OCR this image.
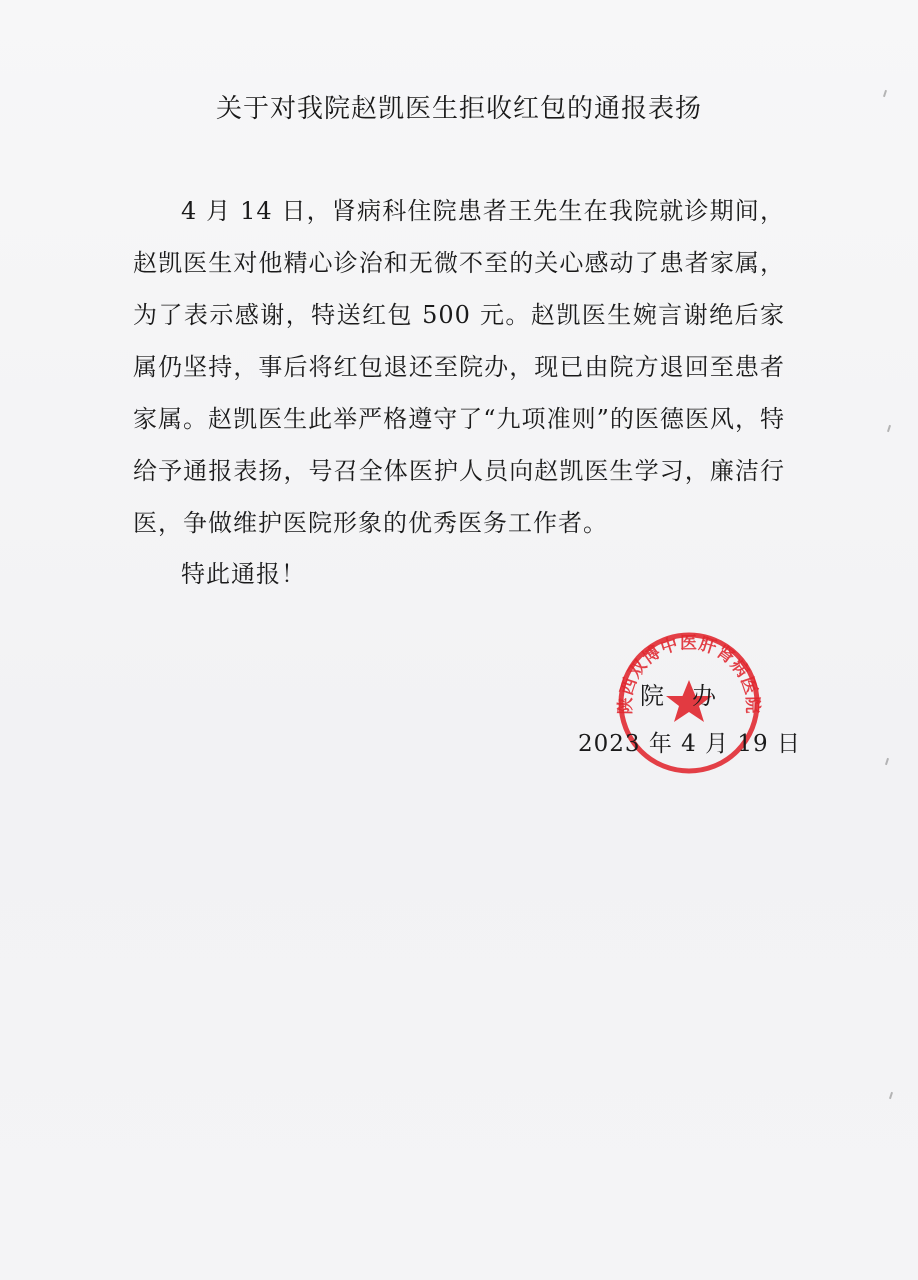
关于对我院赵凯医生拒收红包的通报表扬

4 月 14 日，肾病科住院患者王先生在我院就诊期间，赵凯医生对他精心诊治和无微不至的关心感动了患者家属，为了表示感谢，特送红包 500 元。赵凯医生婉言谢绝后家属仍坚持，事后将红包退还至院办，现已由院方退回至患者家属。赵凯医生此举严格遵守了“九项准则”的医德医风，特给予通报表扬，号召全体医护人员向赵凯医生学习，廉洁行医，争做维护医院形象的优秀医务工作者。

特此通报！

陕西双博中医肝肾病医院

院办

2023 年 4 月 19 日
